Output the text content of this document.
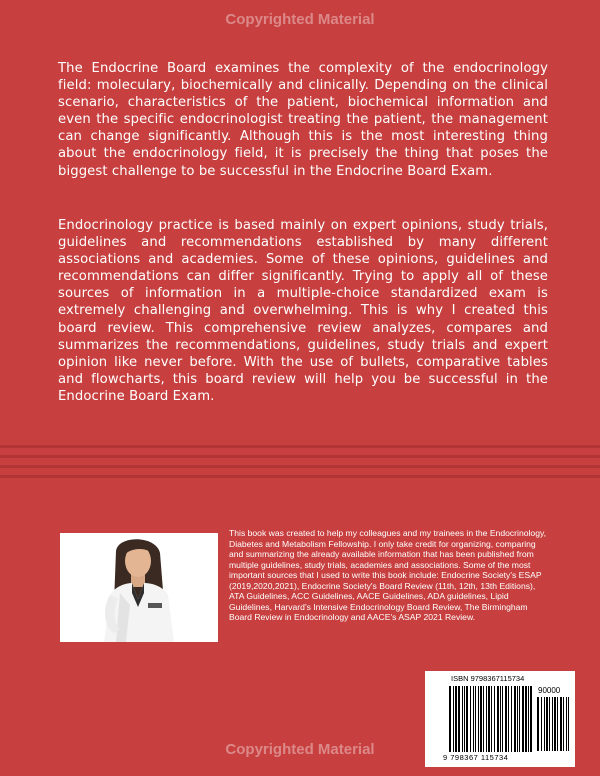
Copyrighted Material
The Endocrine Board examines the complexity of the endocrinology field: moleculary, biochemically and clinically. Depending on the clinical scenario, characteristics of the patient, biochemical information and even the specific endocrinologist treating the patient, the management can change significantly. Although this is the most interesting thing about the endocrinology field, it is precisely the thing that poses the biggest challenge to be successful in the Endocrine Board Exam.
Endocrinology practice is based mainly on expert opinions, study trials, guidelines and recommendations established by many different associations and academies. Some of these opinions, guidelines and recommendations can differ significantly. Trying to apply all of these sources of information in a multiple-choice standardized exam is extremely challenging and overwhelming. This is why I created this board review. This comprehensive review analyzes, compares and summarizes the recommendations, guidelines, study trials and expert opinion like never before. With the use of bullets, comparative tables and flowcharts, this board review will help you be successful in the Endocrine Board Exam.
This book was created to help my colleagues and my trainees in the Endocrinology, Diabetes and Metabolism Fellowship. I only take credit for organizing, comparing and summarizing the already available information that has been published from multiple guidelines, study trials, academies and associations. Some of the most important sources that I used to write this book include: Endocrine Society's ESAP (2019,2020,2021), Endocrine Society's Board Review (11th, 12th, 13th Editions), ATA Guidelines, ACC Guidelines, AACE Guidelines, ADA guidelines, Lipid Guidelines, Harvard's Intensive Endocrinology Board Review, The Birmingham Board Review in Endocrinology and AACE's ASAP 2021 Review.
ISBN 9798367115734
90000
9 798367 115734
Copyrighted Material
